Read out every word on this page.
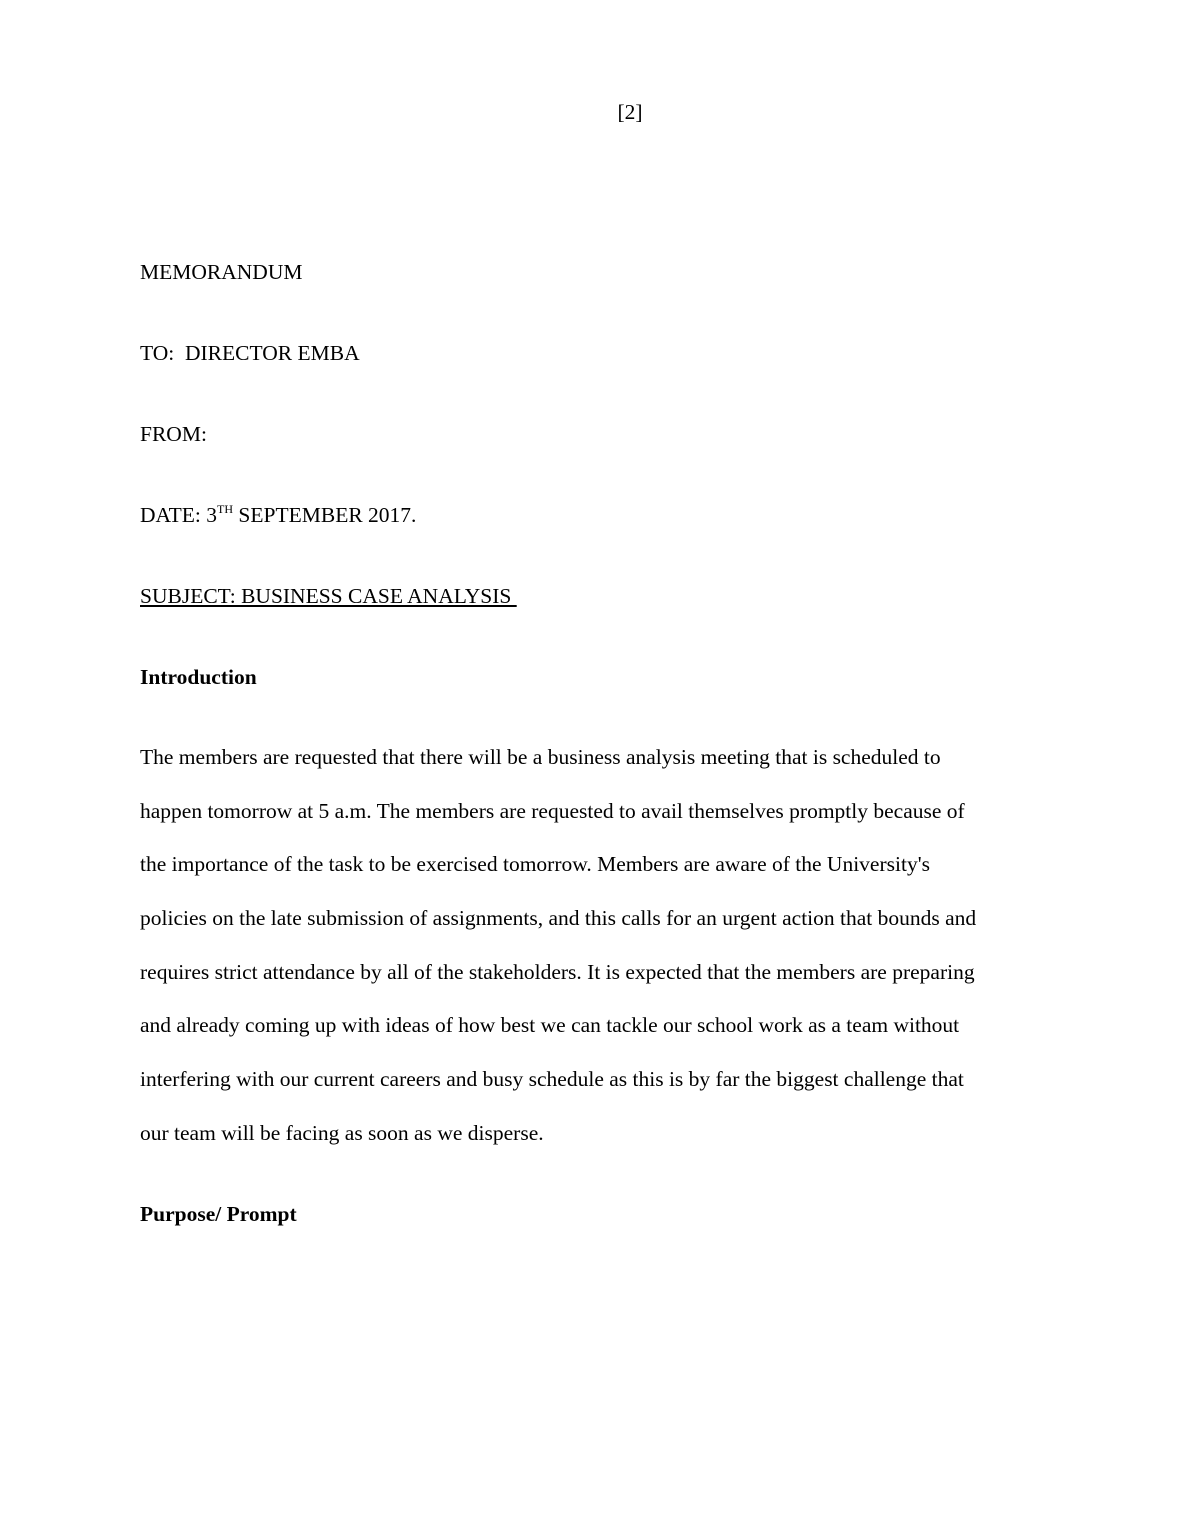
[2]
MEMORANDUM
TO:  DIRECTOR EMBA
FROM:
DATE: 3TH SEPTEMBER 2017.
SUBJECT: BUSINESS CASE ANALYSIS
Introduction
The members are requested that there will be a business analysis meeting that is scheduled to
happen tomorrow at 5 a.m. The members are requested to avail themselves promptly because of
the importance of the task to be exercised tomorrow. Members are aware of the University's
policies on the late submission of assignments, and this calls for an urgent action that bounds and
requires strict attendance by all of the stakeholders. It is expected that the members are preparing
and already coming up with ideas of how best we can tackle our school work as a team without
interfering with our current careers and busy schedule as this is by far the biggest challenge that
our team will be facing as soon as we disperse.
Purpose/ Prompt
